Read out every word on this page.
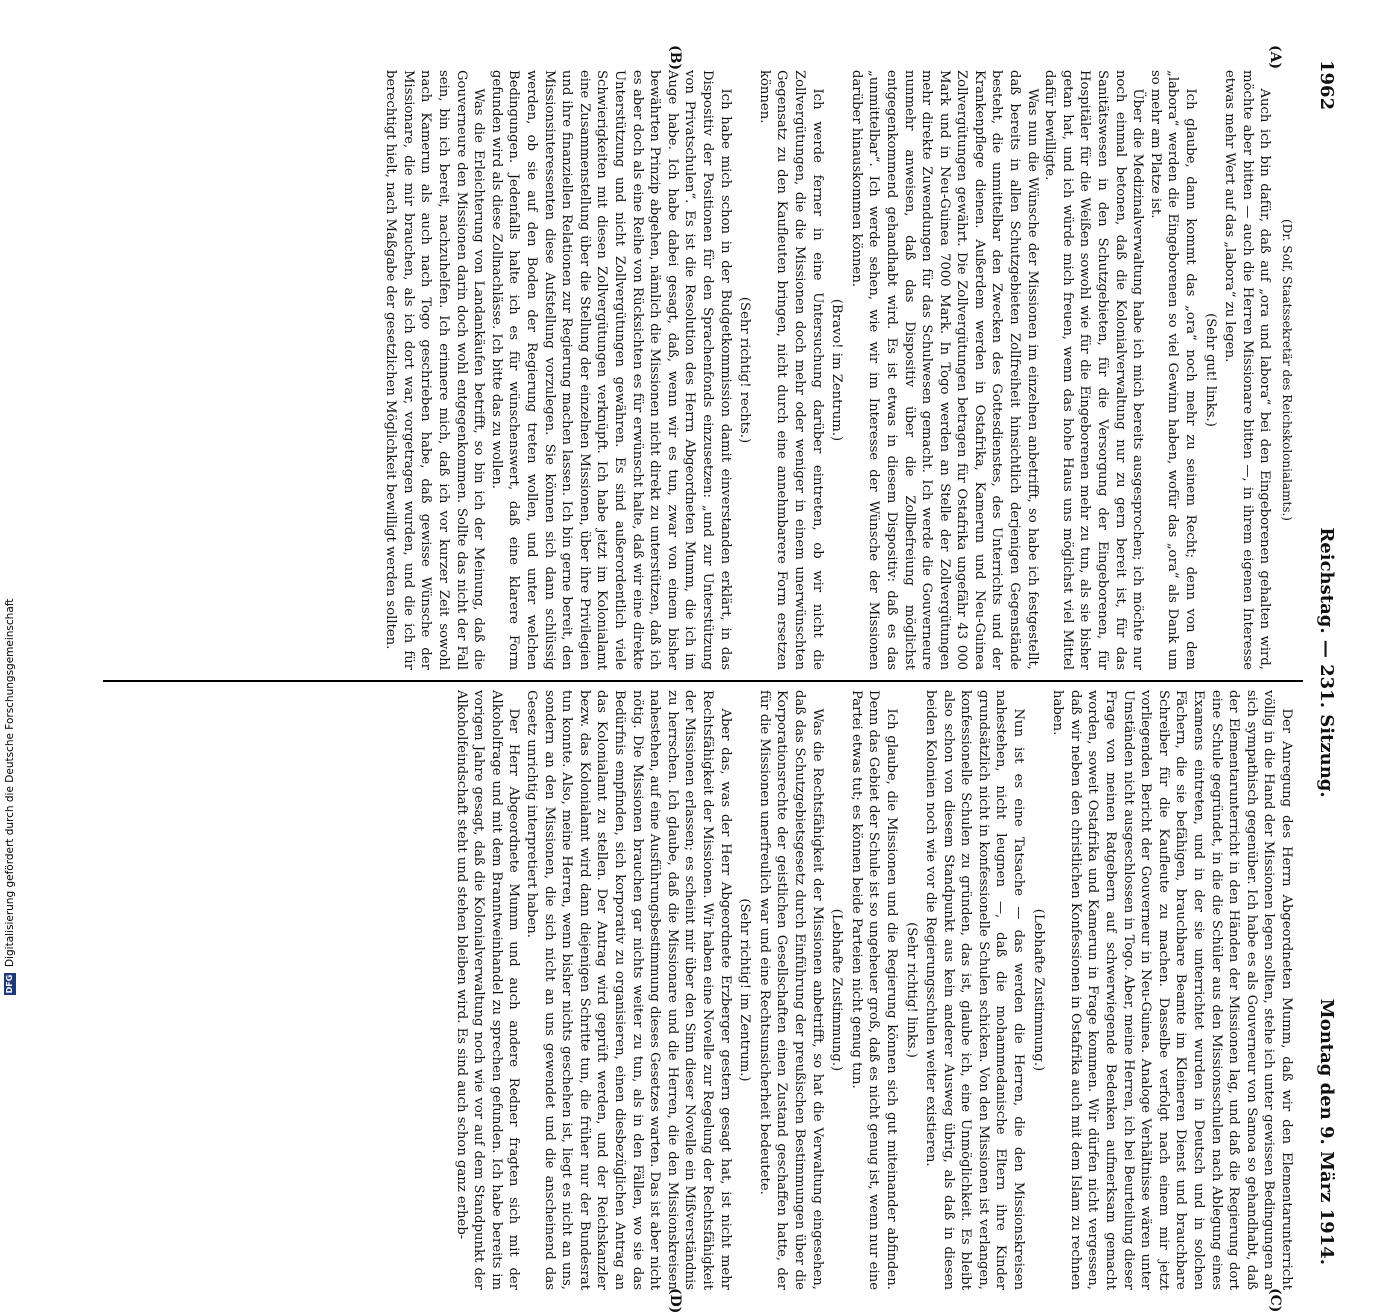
1962
Reichstag. — 231. Sitzung.
Montag den 9. März 1914.
(A)
(B)
(C)
(D)
(Dr. Solf, Staatssekretär des Reichskolonialamts.)

Auch ich bin dafür, daß auf „ora und labora“ bei den Eingeborenen gehalten wird, möchte aber bitten — auch die Herren Missionare bitten —, in ihrem eigenen Interesse etwas mehr Wert auf das „labora“ zu legen.

(Sehr gut! links.)

Ich glaube, dann kommt das „ora“ noch mehr zu seinem Recht; denn von dem „labora“ werden die Eingeborenen so viel Gewinn haben, wofür das „ora“ als Dank um so mehr am Platze ist.

Über die Medizinalverwaltung habe ich mich bereits ausgesprochen; ich möchte nur noch einmal betonen, daß die Kolonialverwaltung nur zu gern bereit ist, für das Sanitätswesen in den Schutzgebieten, für die Versorgung der Eingeborenen, für Hospitäler für die Weißen sowohl wie für die Eingeborenen mehr zu tun, als sie bisher getan hat, und ich würde mich freuen, wenn das hohe Haus uns möglichst viel Mittel dafür bewilligte.

Was nun die Wünsche der Missionen im einzelnen anbetrifft, so habe ich festgestellt, daß bereits in allen Schutzgebieten Zollfreiheit hinsichtlich derjenigen Gegenstände besteht, die unmittelbar den Zwecken des Gottesdienstes, des Unterrichts und der Krankenpflege dienen. Außerdem werden in Ostafrika, Kamerun und Neu-Guinea Zollvergütungen gewährt. Die Zollvergütungen betragen für Ostafrika ungefähr 43 000 Mark und in Neu-Guinea 7000 Mark. In Togo werden an Stelle der Zollvergütungen mehr direkte Zuwendungen für das Schulwesen gemacht. Ich werde die Gouverneure nunmehr anweisen, daß das Dispositiv über die Zollbefreiung möglichst entgegenkommend gehandhabt wird. Es ist etwas in diesem Dispositiv: daß es das „unmittelbar“. Ich werde sehen, wie wir im Interesse der Wünsche der Missionen darüber hinauskommen können.

(Bravo! im Zentrum.)

Ich werde ferner in eine Untersuchung darüber eintreten, ob wir nicht die Zollvergütungen, die die Missionen doch mehr oder weniger in einem unerwünschten Gegensatz zu den Kaufleuten bringen, nicht durch eine annehmbarere Form ersetzen können.

(Sehr richtig! rechts.)

Ich habe mich schon in der Budgetkommission damit einverstanden erklärt, in das Dispositiv der Positionen für den Sprachenfonds einzusetzen: „und zur Unterstützung von Privatschulen“. Es ist die Resolution des Herrn Abgeordneten Mumm, die ich im Auge habe. Ich habe dabei gesagt, daß, wenn wir es tun, zwar von einem bisher bewährten Prinzip abgehen, nämlich die Missionen nicht direkt zu unterstützen, daß ich es aber doch als eine Reihe von Rücksichten es für erwünscht halte, daß wir eine direkte Unterstützung und nicht Zollvergütungen gewähren. Es sind außerordentlich viele Schwierigkeiten mit diesen Zollvergütungen verknüpft. Ich habe jetzt im Kolonialamt eine Zusammenstellung über die Stellung der einzelnen Missionen, über ihre Privilegien und ihre finanziellen Relationen zur Regierung machen lassen. Ich bin gerne bereit, den Missionsinteressenten diese Aufstellung vorzulegen. Sie können sich dann schlüssig werden, ob sie auf den Boden der Regierung treten wollen, und unter welchen Bedingungen. Jedenfalls halte ich es für wünschenswert, daß eine klarere Form gefunden wird als diese Zollnachlässe. Ich bitte das zu wollen.

Was die Erleichterung von Landankäufen betrifft, so bin ich der Meinung, daß die Gouverneure den Missionen darin doch wohl entgegenkommen. Sollte das nicht der Fall sein, bin ich bereit, nachzuhelfen. Ich erinnere mich, daß ich vor kurzer Zeit sowohl nach Kamerun als auch nach Togo geschrieben habe, daß gewisse Wünsche der Missionare, die mir brauchen, als ich dort war, vorgetragen wurden, und die ich für berechtigt hielt, nach Maßgabe der gesetzlichen Möglichkeit bewilligt werden sollten.

Der Anregung des Herrn Abgeordneten Mumm, daß wir den Elementarunterricht völlig in die Hand der Missionen legen sollten, stehe ich unter gewissen Bedingungen an sich sympathisch gegenüber. Ich habe es als Gouverneur von Samoa so gehandhabt, daß der Elementarunterricht in den Händen der Missionen lag, und daß die Regierung dort eine Schule gegründet, in die die Schüler aus den Missionsschulen nach Ablegung eines Examens eintreten, und in der sie unterrichtet wurden in Deutsch und in solchen Fächern, die sie befähigen, brauchbare Beamte im Kleineren Dienst und brauchbare Schreiber für die Kaufleute zu machen. Dasselbe verfolgt nach einem mir jetzt vorliegenden Bericht der Gouverneur in Neu-Guinea. Analoge Verhältnisse wären unter Umständen nicht ausgeschlossen in Togo. Aber, meine Herren, ich bei Beurteilung dieser Frage von meinen Ratgebern auf schwerwiegende Bedenken aufmerksam gemacht worden, soweit Ostafrika und Kamerun in Frage kommen. Wir dürfen nicht vergessen, daß wir neben den christlichen Konfessionen in Ostafrika auch mit dem Islam zu rechnen haben.

(Lebhafte Zustimmung.)

Nun ist es eine Tatsache — das werden die Herren, die den Missionskreisen nahestehen, nicht leugnen —, daß die mohammedanische Eltern ihre Kinder grundsätzlich nicht in konfessionelle Schulen schicken. Von den Missionen ist verlangen, konfessionelle Schulen zu gründen, das ist, glaube ich, eine Unmöglichkeit. Es bleibt also schon von diesem Standpunkt aus kein anderer Ausweg übrig, als daß in diesen beiden Kolonien noch wie vor die Regierungsschulen weiter existieren.

(Sehr richtig! links.)

Ich glaube, die Missionen und die Regierung können sich gut miteinander abfinden. Denn das Gebiet der Schule ist so ungeheuer groß, daß es nicht genug ist, wenn nur eine Partei etwas tut; es können beide Parteien nicht genug tun.

(Lebhafte Zustimmung.)

Was die Rechtsfähigkeit der Missionen anbetrifft, so hat die Verwaltung eingesehen, daß das Schutzgebietsgesetz durch Einführung der preußischen Bestimmungen über die Korporationsrechte der geistlichen Gesellschaften einen Zustand geschaffen hatte, der für die Missionen unerfreulich war und eine Rechtsunsicherheit bedeutete.

(Sehr richtig! im Zentrum.)

Aber das, was der Herr Abgeordnete Erzberger gestern gesagt hat, ist nicht mehr Rechtsfähigkeit der Missionen. Wir haben eine Novelle zur Regelung der Rechtsfähigkeit der Missionen erlassen; es scheint mir über den Sinn dieser Novelle ein Mißverständnis zu herrschen. Ich glaube, daß die Missionare und die Herren, die den Missionskreisen nahestehen, auf eine Ausführungsbestimmung dieses Gesetzes warten. Das ist aber nicht nötig. Die Missionen brauchen gar nichts weiter zu tun, als in den Fällen, wo sie das Bedürfnis empfinden, sich korporativ zu organisieren, einen diesbezüglichen Antrag an das Kolonialamt zu stellen. Der Antrag wird geprüft werden, und der Reichskanzler bezw. das Kolonialamt wird dann diejenigen Schritte tun, die früher nur der Bundesrat tun konnte. Also, meine Herren, wenn bisher nichts geschehen ist, liegt es nicht an uns, sondern an den Missionen, die sich nicht an uns gewendet und die anscheinend das Gesetz unrichtig interpretiert haben.

Der Herr Abgeordnete Mumm und auch andere Redner fragten sich mit der Alkoholfrage und mit dem Branntweinhandel zu sprechen gefunden. Ich habe bereits im vorigen Jahre gesagt, daß die Kolonialverwaltung noch wie vor auf dem Standpunkt der Alkoholfeindschaft steht und stehen bleiben wird. Es sind auch schon ganz erheb-

DFG
Digitalisierung gefördert durch die Deutsche Forschungsgemeinschaft
